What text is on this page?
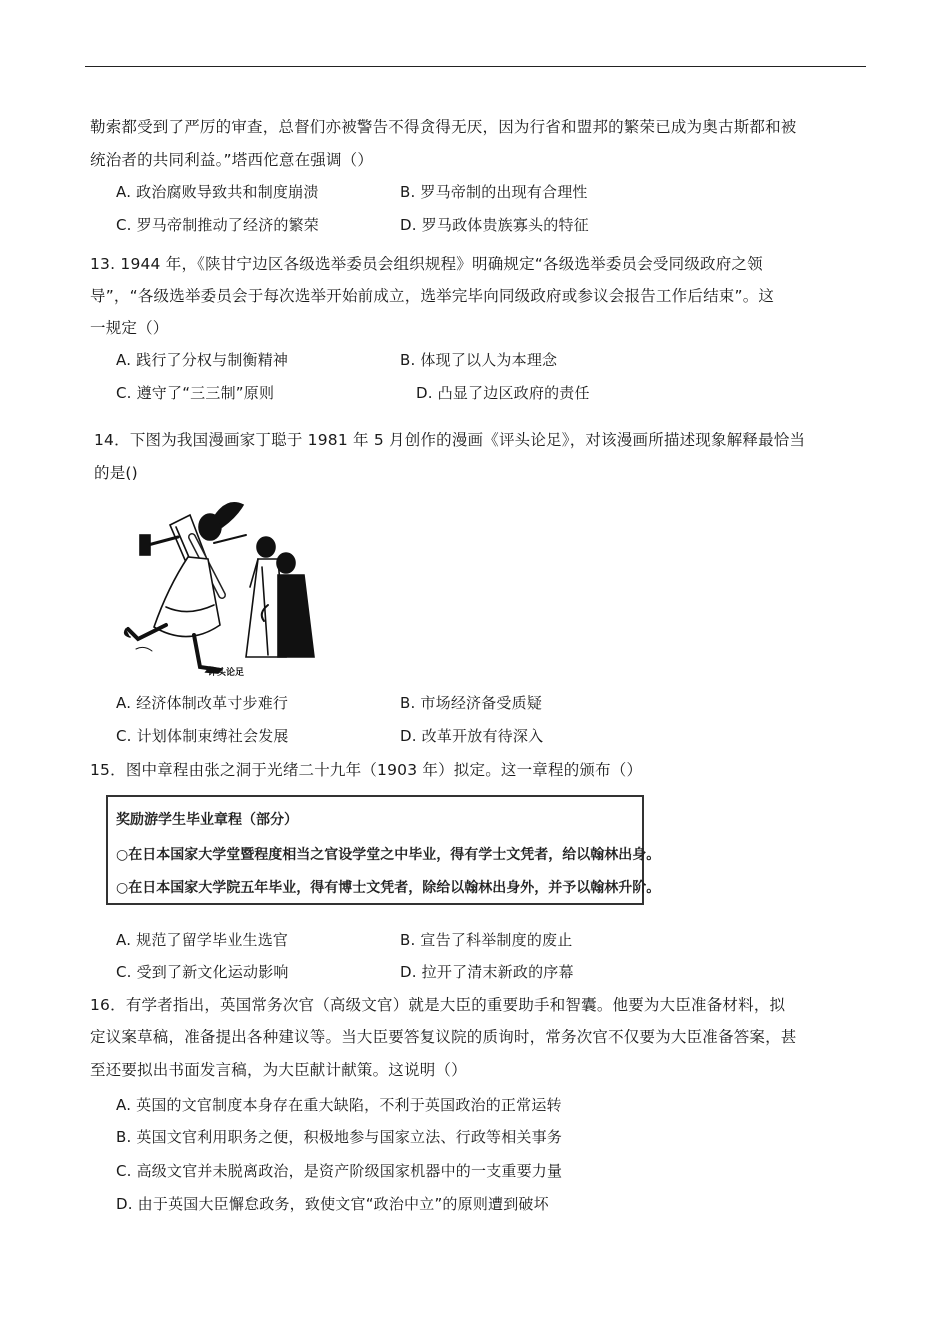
勒索都受到了严厉的审查，总督们亦被警告不得贪得无厌，因为行省和盟邦的繁荣已成为奥古斯都和被
统治者的共同利益。”塔西佗意在强调（）
A. 政治腐败导致共和制度崩溃	B. 罗马帝制的出现有合理性
C. 罗马帝制推动了经济的繁荣	D. 罗马政体贵族寡头的特征
13. 1944 年，《陕甘宁边区各级选举委员会组织规程》明确规定“各级选举委员会受同级政府之领
导”，“各级选举委员会于每次选举开始前成立，选举完毕向同级政府或参议会报告工作后结束”。这
一规定（）
A. 践行了分权与制衡精神	B. 体现了以人为本理念
C. 遵守了“三三制”原则	D. 凸显了边区政府的责任
14．下图为我国漫画家丁聪于 1981 年 5 月创作的漫画《评头论足》，对该漫画所描述现象解释最恰当
的是()
评头论足
A. 经济体制改革寸步难行	B. 市场经济备受质疑
C. 计划体制束缚社会发展	D. 改革开放有待深入
15．图中章程由张之洞于光绪二十九年（1903 年）拟定。这一章程的颁布（）
奖励游学生毕业章程（部分）
○在日本国家大学堂暨程度相当之官设学堂之中毕业，得有学士文凭者，给以翰林出身。
○在日本国家大学院五年毕业，得有博士文凭者，除给以翰林出身外，并予以翰林升阶。
A. 规范了留学毕业生选官	B. 宣告了科举制度的废止
C. 受到了新文化运动影响	D. 拉开了清末新政的序幕
16．有学者指出，英国常务次官（高级文官）就是大臣的重要助手和智囊。他要为大臣准备材料，拟
定议案草稿，准备提出各种建议等。当大臣要答复议院的质询时，常务次官不仅要为大臣准备答案，甚
至还要拟出书面发言稿，为大臣献计献策。这说明（）
A. 英国的文官制度本身存在重大缺陷，不利于英国政治的正常运转
B. 英国文官利用职务之便，积极地参与国家立法、行政等相关事务
C. 高级文官并未脱离政治，是资产阶级国家机器中的一支重要力量
D. 由于英国大臣懈怠政务，致使文官“政治中立”的原则遭到破坏
